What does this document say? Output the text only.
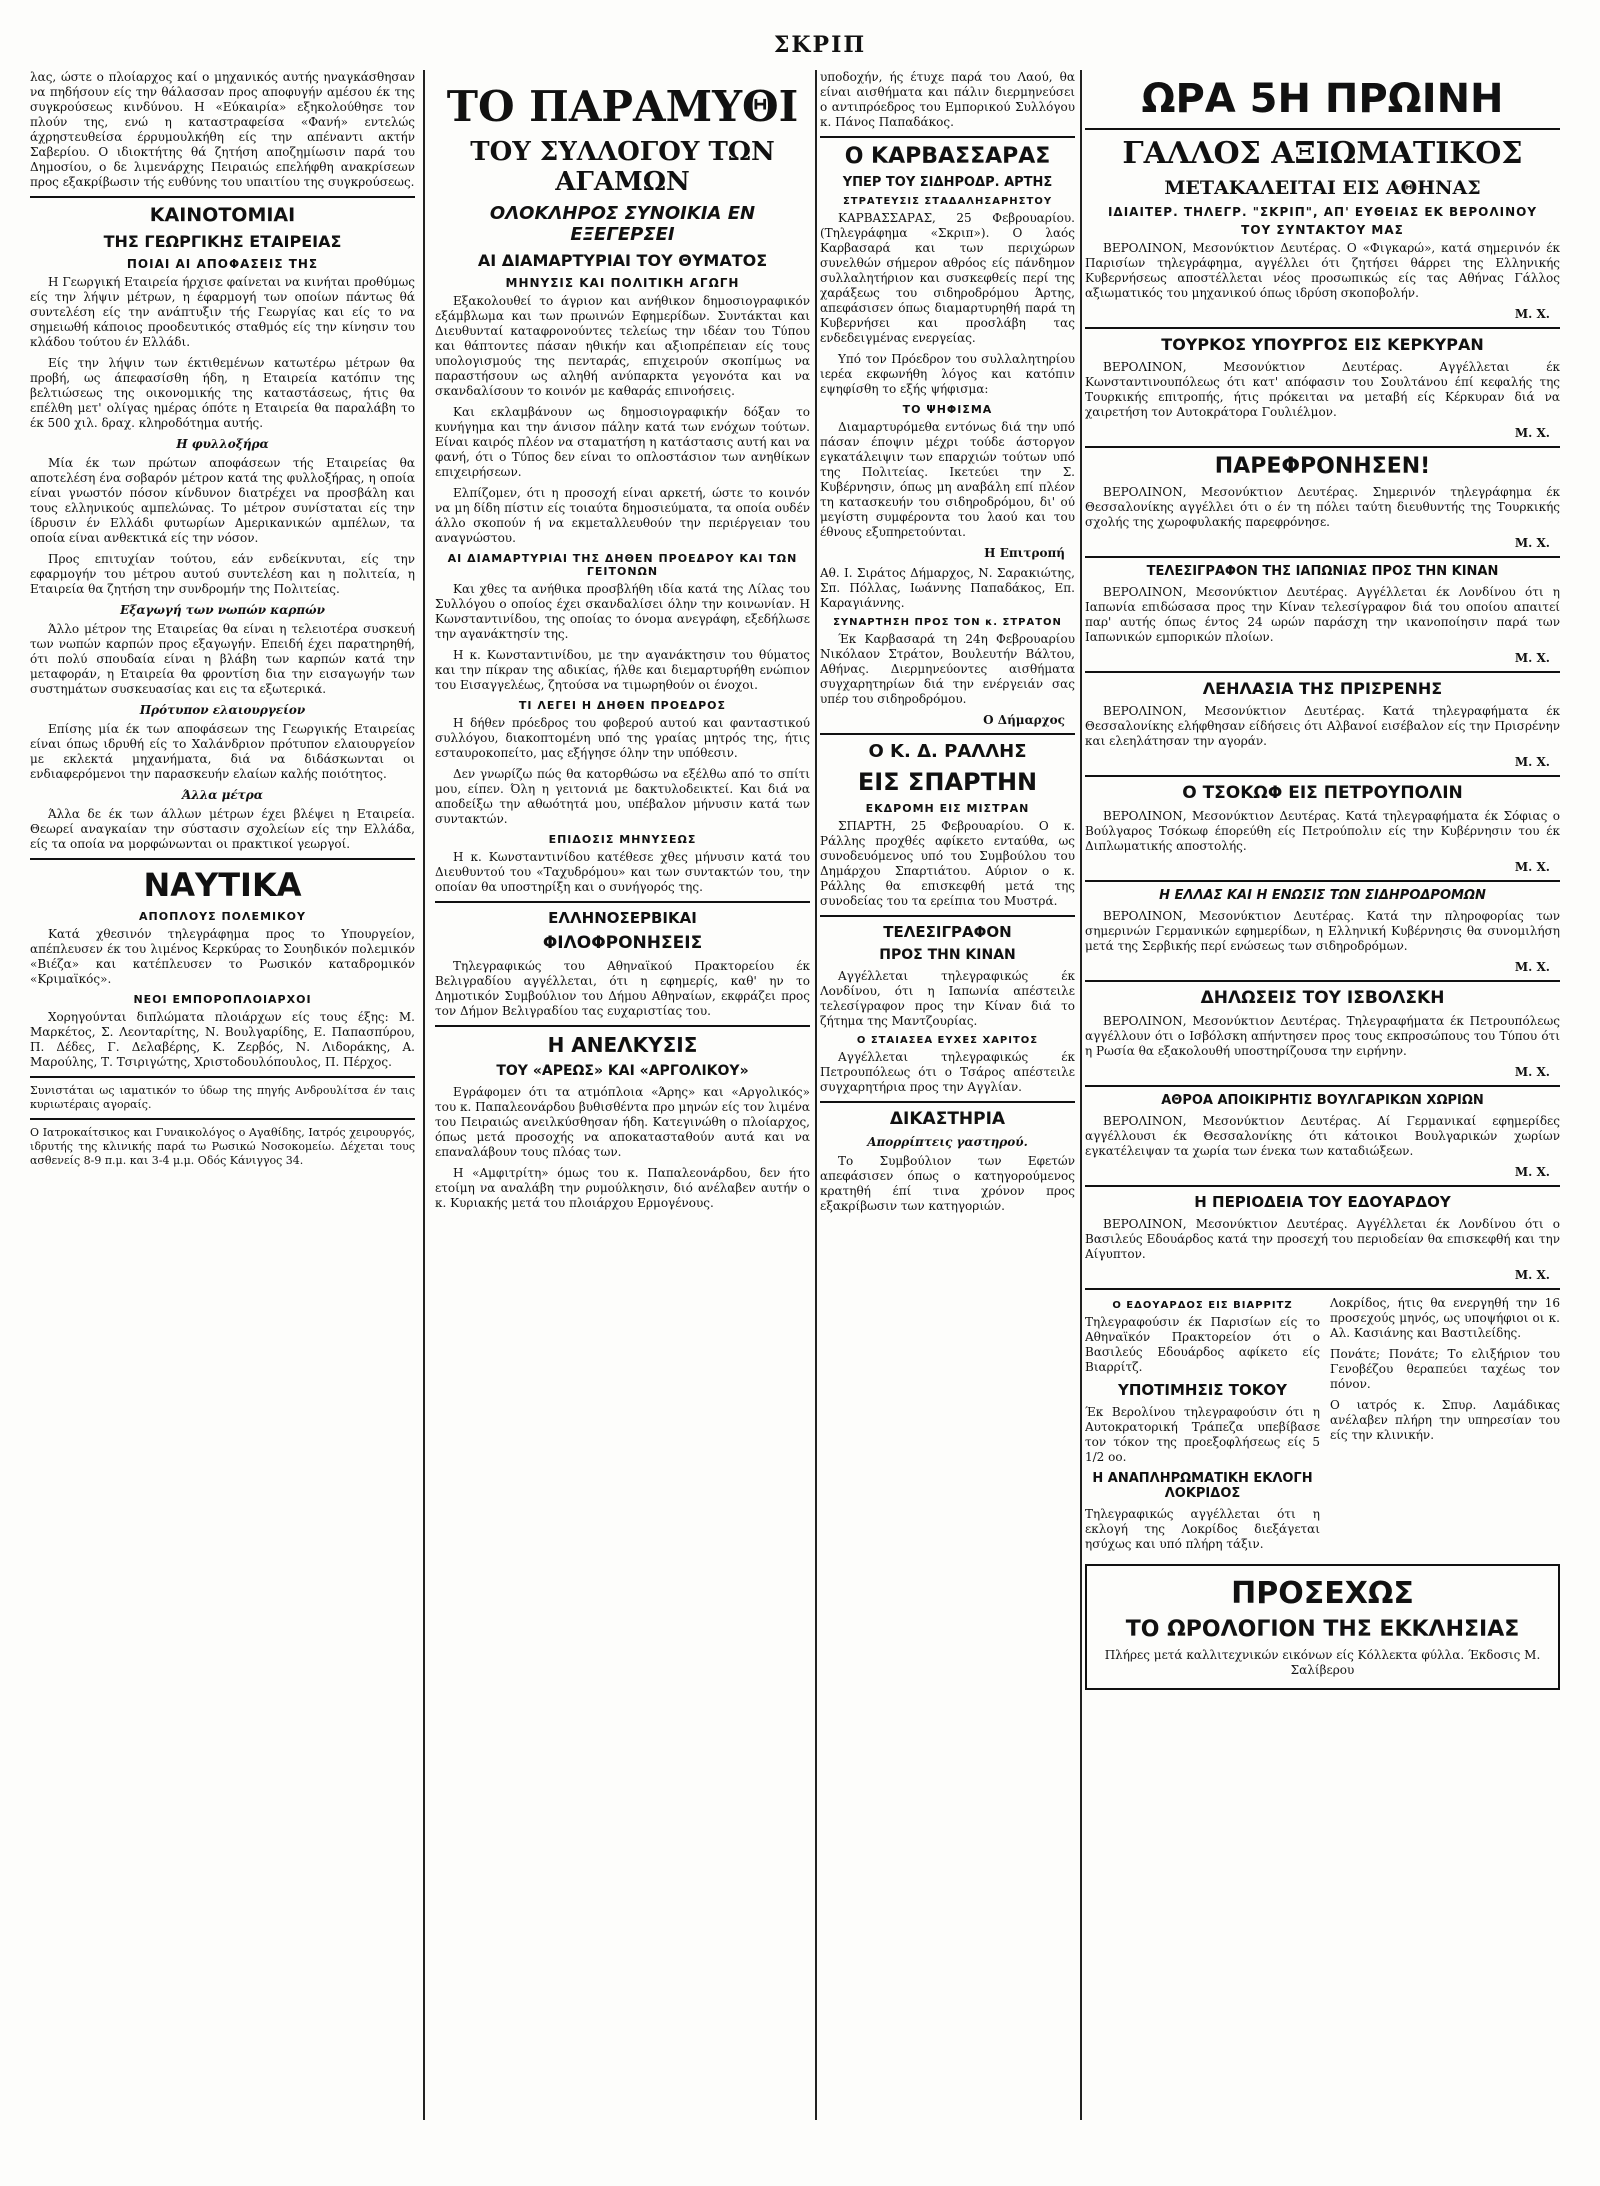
ΣΚΡΙΠ

λας, ώστε ο πλοίαρχος καί ο μηχανικός αυτής ηναγκάσθησαν να πηδήσουν είς την θάλασσαν προς αποφυγήν αμέσου έκ της συγκρούσεως κινδύνου. Η «Εύκαιρία» εξηκολούθησε τον πλούν της, ενώ η καταστραφείσα «Φανή» εντελώς άχρηστευθείσα έρρυμουλκήθη είς την απέναντι ακτήν Σαβερίου. Ο ιδιοκτήτης θά ζητήση αποζημίωσιν παρά του Δημοσίου, ο δε λιμενάρχης Πειραιώς επελήφθη ανακρίσεων προς εξακρίβωσιν τής ευθύνης του υπαιτίου της συγκρούσεως.

ΚΑΙΝΟΤΟΜΙΑΙ
ΤΗΣ ΓΕΩΡΓΙΚΗΣ ΕΤΑΙΡΕΙΑΣ
ΠΟΙΑΙ ΑΙ ΑΠΟΦΑΣΕΙΣ ΤΗΣ

Η Γεωργική Εταιρεία ήρχισε φαίνεται να κινήται προθύμως είς την λήψιν μέτρων, η έφαρμογή των οποίων πάντως θά συντελέση είς την ανάπτυξιν τής Γεωργίας και είς το να σημειωθή κάποιος προοδευτικός σταθμός είς την κίνησιν του κλάδου τούτου έν Ελλάδι.

Είς την λήψιν των έκτιθεμένων κατωτέρω μέτρων θα προβή, ως άπεφασίσθη ήδη, η Εταιρεία κατόπιν της βελτιώσεως της οικονομικής της καταστάσεως, ήτις θα επέλθη μετ' ολίγας ημέρας όπότε η Εταιρεία θα παραλάβη το έκ 500 χιλ. δραχ. κληροδότημα αυτής.

Η φυλλοξήρα

Μία έκ των πρώτων αποφάσεων τής Εταιρείας θα αποτελέση ένα σοβαρόν μέτρον κατά της φυλλοξήρας, η οποία είναι γνωστόν πόσον κίνδυνον διατρέχει να προσβάλη και τους ελληνικούς αμπελώνας. Το μέτρον συνίσταται είς την ίδρυσιν έν Ελλάδι φυτωρίων Αμερικανικών αμπέλων, τα οποία είναι ανθεκτικά είς την νόσον.

Προς επιτυχίαν τούτου, εάν ενδείκνυται, είς την εφαρμογήν του μέτρου αυτού συντελέση και η πολιτεία, η Εταιρεία θα ζητήση την συνδρομήν της Πολιτείας.

Εξαγωγή των νωπών καρπών

Άλλο μέτρον της Εταιρείας θα είναι η τελειοτέρα συσκευή των νωπών καρπών προς εξαγωγήν. Επειδή έχει παρατηρηθή, ότι πολύ σπουδαία είναι η βλάβη των καρπών κατά την μεταφοράν, η Εταιρεία θα φροντίση δια την εισαγωγήν των συστημάτων συσκευασίας και εις τα εξωτερικά.

Πρότυπον ελαιουργείον

Επίσης μία έκ των αποφάσεων της Γεωργικής Εταιρείας είναι όπως ιδρυθή είς το Χαλάνδριον πρότυπον ελαιουργείον με εκλεκτά μηχανήματα, διά να διδάσκωνται οι ενδιαφερόμενοι την παρασκευήν ελαίων καλής ποιότητος.

Άλλα μέτρα

Άλλα δε έκ των άλλων μέτρων έχει βλέψει η Εταιρεία. Θεωρεί αναγκαίαν την σύστασιν σχολείων είς την Ελλάδα, είς τα οποία να μορφώνωνται οι πρακτικοί γεωργοί.

ΝΑΥΤΙΚΑ
ΑΠΟΠΛΟΥΣ ΠΟΛΕΜΙΚΟΥ

Κατά χθεσινόν τηλεγράφημα προς το Υπουργείον, απέπλευσεν έκ του λιμένος Κερκύρας το Σουηδικόν πολεμικόν «Βιέζα» και κατέπλευσεν το Ρωσικόν καταδρομικόν «Κριμαϊκός».

ΝΕΟΙ ΕΜΠΟΡΟΠΛΟΙΑΡΧΟΙ

Χορηγούνται διπλώματα πλοιάρχων είς τους έξης: Μ. Μαρκέτος, Σ. Λεονταρίτης, Ν. Βουλγαρίδης, Ε. Παπασπύρου, Π. Δέδες, Γ. Δελαβέρης, Κ. Ζερβός, Ν. Λιδοράκης, Α. Μαρούλης, Τ. Τσιριγώτης, Χριστοδουλόπουλος, Π. Πέρχος.

Συνιστάται ως ιαματικόν το ύδωρ της πηγής Ανδρουλίτσα έν ταις κυριωτέραις αγοραίς.

Ο Ιατροκαίτσικος και Γυναικολόγος ο Αγαθίδης, Ιατρός χειρουργός, ιδρυτής της κλινικής παρά τω Ρωσικώ Νοσοκομείω. Δέχεται τους ασθενείς 8-9 π.μ. και 3-4 μ.μ. Οδός Κάνιγγος 34.

ΤΟ ΠΑΡΑΜΥΘΙ
ΤΟΥ ΣΥΛΛΟΓΟΥ ΤΩΝ ΑΓΑΜΩΝ
ΟΛΟΚΛΗΡΟΣ ΣΥΝΟΙΚΙΑ ΕΝ ΕΞΕΓΕΡΣΕΙ
ΑΙ ΔΙΑΜΑΡΤΥΡΙΑΙ ΤΟΥ ΘΥΜΑΤΟΣ
ΜΗΝΥΣΙΣ ΚΑΙ ΠΟΛΙΤΙΚΗ ΑΓΩΓΗ

Εξακολουθεί το άγριον και ανήθικον δημοσιογραφικόν εξάμβλωμα και των πρωινών Εφημερίδων. Συντάκται και Διευθυνταί καταφρονούντες τελείως την ιδέαν του Τύπου και θάπτοντες πάσαν ηθικήν και αξιοπρέπειαν είς τους υπολογισμούς της πενταράς, επιχειρούν σκοπίμως να παραστήσουν ως αληθή ανύπαρκτα γεγονότα και να σκανδαλίσουν το κοινόν με καθαράς επινοήσεις.

Και εκλαμβάνουν ως δημοσιογραφικήν δόξαν το κυνήγημα και την άνισον πάλην κατά των ενόχων τούτων. Είναι καιρός πλέον να σταματήση η κατάστασις αυτή και να φανή, ότι ο Τύπος δεν είναι το οπλοστάσιον των ανηθίκων επιχειρήσεων.

Ελπίζομεν, ότι η προσοχή είναι αρκετή, ώστε το κοινόν να μη δίδη πίστιν είς τοιαύτα δημοσιεύματα, τα οποία ουδέν άλλο σκοπούν ή να εκμεταλλευθούν την περιέργειαν του αναγνώστου.

ΑΙ ΔΙΑΜΑΡΤΥΡΙΑΙ ΤΗΣ ΔΗΘΕΝ ΠΡΟΕΔΡΟΥ ΚΑΙ ΤΩΝ ΓΕΙΤΟΝΩΝ

Και χθες τα ανήθικα προσβλήθη ιδία κατά της Λίλας του Συλλόγου ο οποίος έχει σκανδαλίσει όλην την κοινωνίαν. Η Κωνσταντινίδου, της οποίας το όνομα ανεγράφη, εξεδήλωσε την αγανάκτησίν της.

Η κ. Κωνσταντινίδου, με την αγανάκτησιν του θύματος και την πίκραν της αδικίας, ήλθε και διεμαρτυρήθη ενώπιον του Εισαγγελέως, ζητούσα να τιμωρηθούν οι ένοχοι.

ΤΙ ΛΕΓΕΙ Η ΔΗΘΕΝ ΠΡΟΕΔΡΟΣ

Η δήθεν πρόεδρος του φοβερού αυτού και φανταστικού συλλόγου, διακοπτομένη υπό της γραίας μητρός της, ήτις εσταυροκοπείτο, μας εξήγησε όλην την υπόθεσιν.

Δεν γνωρίζω πώς θα κατορθώσω να εξέλθω από το σπίτι μου, είπεν. Όλη η γειτονιά με δακτυλοδεικτεί. Και διά να αποδείξω την αθωότητά μου, υπέβαλον μήνυσιν κατά των συντακτών.

ΕΠΙΔΟΣΙΣ ΜΗΝΥΣΕΩΣ

Η κ. Κωνσταντινίδου κατέθεσε χθες μήνυσιν κατά του Διευθυντού του «Ταχυδρόμου» και των συντακτών του, την οποίαν θα υποστηρίξη και ο συνήγορός της.

ΕΛΛΗΝΟΣΕΡΒΙΚΑΙ
ΦΙΛΟΦΡΟΝΗΣΕΙΣ

Τηλεγραφικώς του Αθηναϊκού Πρακτορείου έκ Βελιγραδίου αγγέλλεται, ότι η εφημερίς, καθ' ην το Δημοτικόν Συμβούλιον του Δήμου Αθηναίων, εκφράζει προς τον Δήμον Βελιγραδίου τας ευχαριστίας του.

Η ΑΝΕΛΚΥΣΙΣ
ΤΟΥ «ΑΡΕΩΣ» ΚΑΙ «ΑΡΓΟΛΙΚΟΥ»

Εγράφομεν ότι τα ατμόπλοια «Άρης» και «Αργολικός» του κ. Παπαλεονάρδου βυθισθέντα προ μηνών είς τον λιμένα του Πειραιώς ανειλκύσθησαν ήδη. Κατεγινώθη ο πλοίαρχος, όπως μετά προσοχής να αποκατασταθούν αυτά και να επαναλάβουν τους πλόας των.

Η «Αμφιτρίτη» όμως του κ. Παπαλεονάρδου, δεν ήτο ετοίμη να αναλάβη την ρυμούλκησιν, διό ανέλαβεν αυτήν ο κ. Κυριακής μετά του πλοιάρχου Ερμογένους.

υποδοχήν, ής έτυχε παρά του Λαού, θα είναι αισθήματα και πάλιν διερμηνεύσει ο αντιπρόεδρος του Εμπορικού Συλλόγου κ. Πάνος Παπαδάκος.

Ο ΚΑΡΒΑΣΣΑΡΑΣ
ΥΠΕΡ ΤΟΥ ΣΙΔΗΡΟΔΡ. ΑΡΤΗΣ
ΣΤΡΑΤΕΥΣΙΣ ΣΤΑΔΑΛΗΣΑΡΗΣΤΟΥ

ΚΑΡΒΑΣΣΑΡΑΣ, 25 Φεβρουαρίου. (Τηλεγράφημα «Σκριπ»). Ο λαός Καρβασαρά και των περιχώρων συνελθών σήμερον αθρόος είς πάνδημον συλλαλητήριον και συσκεφθείς περί της χαράξεως του σιδηροδρόμου Άρτης, απεφάσισεν όπως διαμαρτυρηθή παρά τη Κυβερνήσει και προσλάβη τας ενδεδειγμένας ενεργείας.

Υπό τον Πρόεδρον του συλλαλητηρίου ιερέα εκφωνήθη λόγος και κατόπιν εψηφίσθη το εξής ψήφισμα:

ΤΟ ΨΗΦΙΣΜΑ

Διαμαρτυρόμεθα εντόνως διά την υπό πάσαν έποψιν μέχρι τούδε άστοργον εγκατάλειψιν των επαρχιών τούτων υπό της Πολιτείας. Ικετεύει την Σ. Κυβέρνησιν, όπως μη αναβάλη επί πλέον τη κατασκευήν του σιδηροδρόμου, δι' ού μεγίστη συμφέροντα του λαού και του έθνους εξυπηρετούνται.

Η Επιτροπή

Αθ. Ι. Σιράτος Δήμαρχος, Ν. Σαρακιώτης, Σπ. Πόλλας, Ιωάννης Παπαδάκος, Επ. Καραγιάννης.

ΣΥΝΑΡΤΗΣΗ ΠΡΟΣ ΤΟΝ κ. ΣΤΡΑΤΟΝ

Έκ Καρβασαρά τη 24η Φεβρουαρίου Νικόλαον Στράτον, Βουλευτήν Βάλτου, Αθήνας. Διερμηνεύοντες αισθήματα συγχαρητηρίων διά την ενέργειάν σας υπέρ του σιδηροδρόμου.

Ο Δήμαρχος
Ο Κ. Δ. ΡΑΛΛΗΣ
ΕΙΣ ΣΠΑΡΤΗΝ
ΕΚΔΡΟΜΗ ΕΙΣ ΜΙΣΤΡΑΝ

ΣΠΑΡΤΗ, 25 Φεβρουαρίου. Ο κ. Ράλλης προχθές αφίκετο ενταύθα, ως συνοδευόμενος υπό του Συμβούλου του Δημάρχου Σπαρτιάτου. Αύριον ο κ. Ράλλης θα επισκεφθή μετά της συνοδείας του τα ερείπια του Μυστρά.

ΤΕΛΕΣΙΓΡΑΦΟΝ
ΠΡΟΣ ΤΗΝ ΚΙΝΑΝ

Αγγέλλεται τηλεγραφικώς έκ Λονδίνου, ότι η Ιαπωνία απέστειλε τελεσίγραφον προς την Κίναν διά το ζήτημα της Μαντζουρίας.

Ο ΣΤΑΙΑΣΕΑ ΕΥΧΕΣ ΧΑΡΙΤΟΣ

Αγγέλλεται τηλεγραφικώς έκ Πετρουπόλεως ότι ο Τσάρος απέστειλε συγχαρητήρια προς την Αγγλίαν.

ΔΙΚΑΣΤΗΡΙΑ
Απορρίπτεις γαστηρού.

Το Συμβούλιον των Εφετών απεφάσισεν όπως ο κατηγορούμενος κρατηθή έπί τινα χρόνον προς εξακρίβωσιν των κατηγοριών.

ΩΡΑ 5Η ΠΡΩΙΝΗ
ΓΑΛΛΟΣ ΑΞΙΩΜΑΤΙΚΟΣ
ΜΕΤΑΚΑΛΕΙΤΑΙ ΕΙΣ ΑΘΗΝΑΣ
ΙΔΙΑΙΤΕΡ. ΤΗΛΕΓΡ. "ΣΚΡΙΠ", ΑΠ' ΕΥΘΕΙΑΣ ΕΚ ΒΕΡΟΛΙΝΟΥ
ΤΟΥ ΣΥΝΤΑΚΤΟΥ ΜΑΣ

ΒΕΡΟΛΙΝΟΝ, Μεσονύκτιον Δευτέρας. Ο «Φιγκαρώ», κατά σημερινόν έκ Παρισίων τηλεγράφημα, αγγέλλει ότι ζητήσει θάρρει της Ελληνικής Κυβερνήσεως αποστέλλεται νέος προσωπικώς είς τας Αθήνας Γάλλος αξιωματικός του μηχανικού όπως ιδρύση σκοποβολήν.

Μ. Χ.
ΤΟΥΡΚΟΣ ΥΠΟΥΡΓΟΣ ΕΙΣ ΚΕΡΚΥΡΑΝ

ΒΕΡΟΛΙΝΟΝ, Μεσονύκτιον Δευτέρας. Αγγέλλεται έκ Κωνσταντινουπόλεως ότι κατ' απόφασιν του Σουλτάνου έπί κεφαλής της Τουρκικής επιτροπής, ήτις πρόκειται να μεταβή είς Κέρκυραν διά να χαιρετήση τον Αυτοκράτορα Γουλιέλμον.

Μ. Χ.
ΠΑΡΕΦΡΟΝΗΣΕΝ!

ΒΕΡΟΛΙΝΟΝ, Μεσονύκτιον Δευτέρας. Σημερινόν τηλεγράφημα έκ Θεσσαλονίκης αγγέλλει ότι ο έν τη πόλει ταύτη διευθυντής της Τουρκικής σχολής της χωροφυλακής παρεφρόνησε.

Μ. Χ.
ΤΕΛΕΣΙΓΡΑΦΟΝ ΤΗΣ ΙΑΠΩΝΙΑΣ ΠΡΟΣ ΤΗΝ ΚΙΝΑΝ

ΒΕΡΟΛΙΝΟΝ, Μεσονύκτιον Δευτέρας. Αγγέλλεται έκ Λονδίνου ότι η Ιαπωνία επιδώσασα προς την Κίναν τελεσίγραφον διά του οποίου απαιτεί παρ' αυτής όπως έντος 24 ωρών παράσχη την ικανοποίησιν παρά των Ιαπωνικών εμπορικών πλοίων.

Μ. Χ.
ΛΕΗΛΑΣΙΑ ΤΗΣ ΠΡΙΣΡΕΝΗΣ

ΒΕΡΟΛΙΝΟΝ, Μεσονύκτιον Δευτέρας. Κατά τηλεγραφήματα έκ Θεσσαλονίκης ελήφθησαν είδήσεις ότι Αλβανοί εισέβαλον είς την Πρισρένην και ελεηλάτησαν την αγοράν.

Μ. Χ.
Ο ΤΣΟΚΩΦ ΕΙΣ ΠΕΤΡΟΥΠΟΛΙΝ

ΒΕΡΟΛΙΝΟΝ, Μεσονύκτιον Δευτέρας. Κατά τηλεγραφήματα έκ Σόφιας ο Βούλγαρος Τσόκωφ έπορεύθη είς Πετρούπολιν είς την Κυβέρνησιν του έκ Διπλωματικής αποστολής.

Μ. Χ.
Η ΕΛΛΑΣ ΚΑΙ Η ΕΝΩΣΙΣ ΤΩΝ ΣΙΔΗΡΟΔΡΟΜΩΝ

ΒΕΡΟΛΙΝΟΝ, Μεσονύκτιον Δευτέρας. Κατά την πληροφορίας των σημερινών Γερμανικών εφημερίδων, η Ελληνική Κυβέρνησις θα συνομιλήση μετά της Σερβικής περί ενώσεως των σιδηροδρόμων.

Μ. Χ.
ΔΗΛΩΣΕΙΣ ΤΟΥ ΙΣΒΟΛΣΚΗ

ΒΕΡΟΛΙΝΟΝ, Μεσονύκτιον Δευτέρας. Τηλεγραφήματα έκ Πετρουπόλεως αγγέλλουν ότι ο Ισβόλσκη απήντησεν προς τους εκπροσώπους του Τύπου ότι η Ρωσία θα εξακολουθή υποστηρίζουσα την ειρήνην.

Μ. Χ.
ΑΘΡΟΑ ΑΠΟΙΚΙΡΗΤΙΣ ΒΟΥΛΓΑΡΙΚΩΝ ΧΩΡΙΩΝ

ΒΕΡΟΛΙΝΟΝ, Μεσονύκτιον Δευτέρας. Αί Γερμανικαί εφημερίδες αγγέλλουσι έκ Θεσσαλονίκης ότι κάτοικοι Βουλγαρικών χωρίων εγκατέλειψαν τα χωρία των ένεκα των καταδιώξεων.

Μ. Χ.
Η ΠΕΡΙΟΔΕΙΑ ΤΟΥ ΕΔΟΥΑΡΔΟΥ

ΒΕΡΟΛΙΝΟΝ, Μεσονύκτιον Δευτέρας. Αγγέλλεται έκ Λονδίνου ότι ο Βασιλεύς Εδουάρδος κατά την προσεχή του περιοδείαν θα επισκεφθή και την Αίγυπτον.

Μ. Χ.
Ο ΕΔΟΥΑΡΔΟΣ ΕΙΣ ΒΙΑΡΡΙΤΖ

Τηλεγραφούσιν έκ Παρισίων είς το Αθηναϊκόν Πρακτορείον ότι ο Βασιλεύς Εδουάρδος αφίκετο είς Βιαρρίτζ.

ΥΠΟΤΙΜΗΣΙΣ ΤΟΚΟΥ

Έκ Βερολίνου τηλεγραφούσιν ότι η Αυτοκρατορική Τράπεζα υπεβίβασε τον τόκον της προεξοφλήσεως είς 5 1/2 οο.

Η ΑΝΑΠΛΗΡΩΜΑΤΙΚΗ ΕΚΛΟΓΗ ΛΟΚΡΙΔΟΣ

Τηλεγραφικώς αγγέλλεται ότι η εκλογή της Λοκρίδος διεξάγεται ησύχως και υπό πλήρη τάξιν.

Λοκρίδος, ήτις θα ενεργηθή την 16 προσεχούς μηνός, ως υποψήφιοι οι κ. Αλ. Κασιάνης και Βαστιλείδης.

Πονάτε; Πονάτε; Το ελιξήριον του Γενοβέζου θεραπεύει ταχέως τον πόνον.

Ο ιατρός κ. Σπυρ. Λαμάδικας ανέλαβεν πλήρη την υπηρεσίαν του είς την κλινικήν.

ΠΡΟΣΕΧΩΣ
ΤΟ ΩΡΟΛΟΓΙΟΝ ΤΗΣ ΕΚΚΛΗΣΙΑΣ

Πλήρες μετά καλλιτεχνικών εικόνων είς Κόλλεκτα φύλλα. Έκδοσις Μ. Σαλίβερου
